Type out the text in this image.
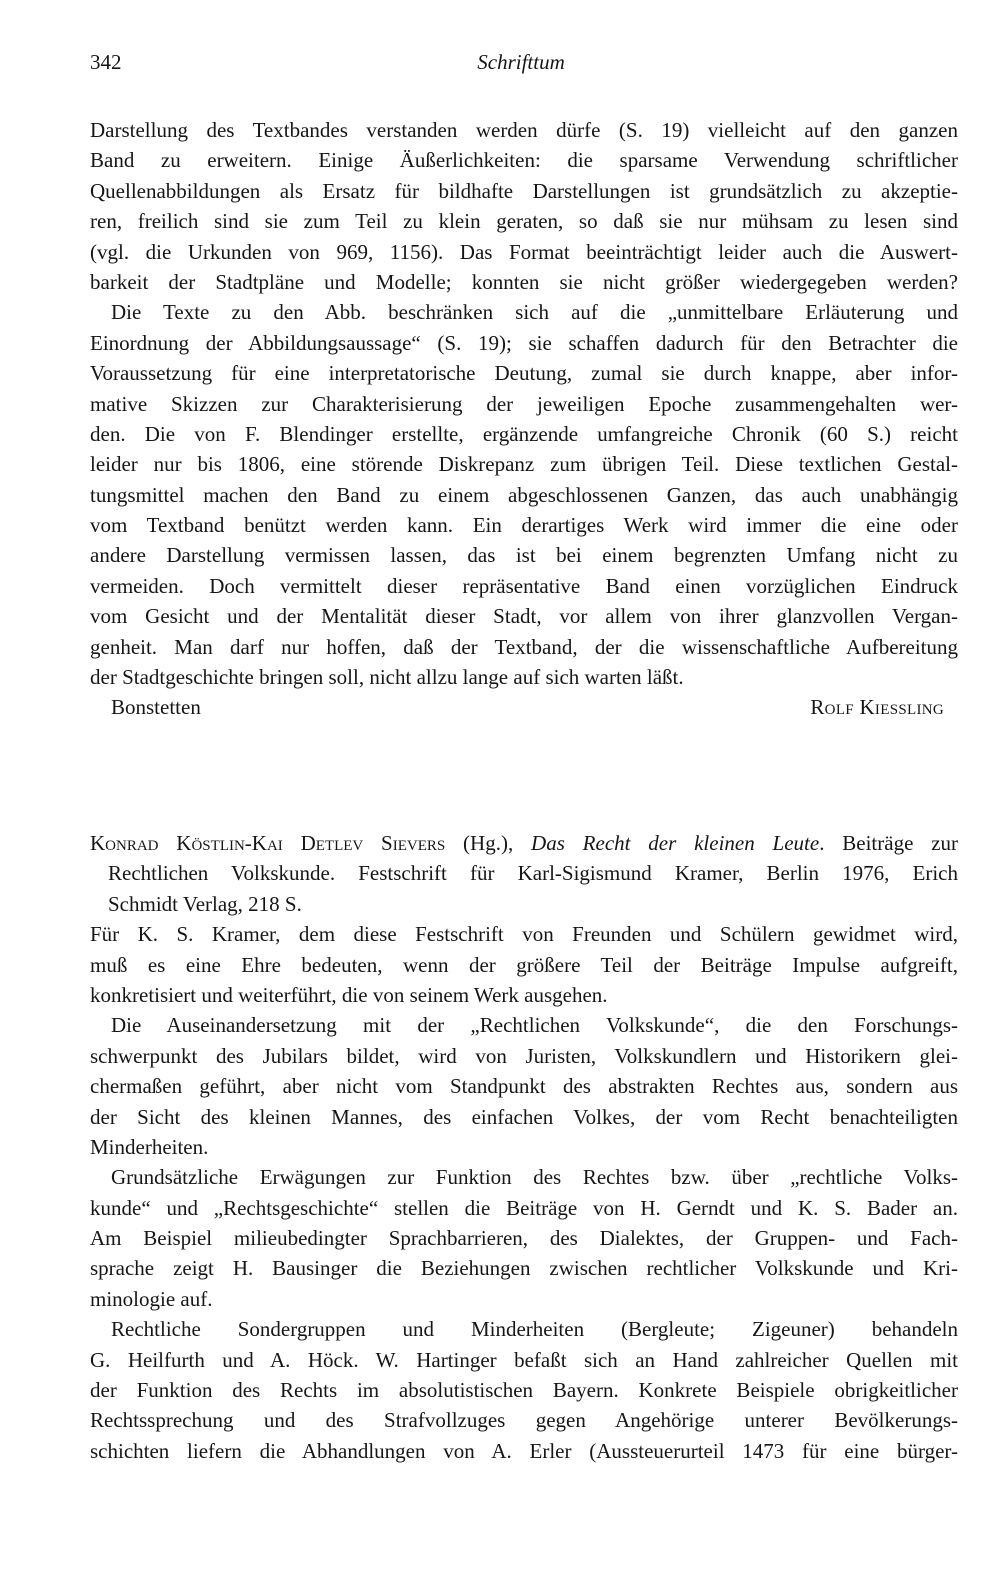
342	Schrifttum
Darstellung des Textbandes verstanden werden dürfe (S. 19) vielleicht auf den ganzen
Band zu erweitern. Einige Äußerlichkeiten: die sparsame Verwendung schriftlicher
Quellenabbildungen als Ersatz für bildhafte Darstellungen ist grundsätzlich zu akzeptie-
ren, freilich sind sie zum Teil zu klein geraten, so daß sie nur mühsam zu lesen sind
(vgl. die Urkunden von 969, 1156). Das Format beeinträchtigt leider auch die Auswert-
barkeit der Stadtpläne und Modelle; konnten sie nicht größer wiedergegeben werden?
Die Texte zu den Abb. beschränken sich auf die „unmittelbare Erläuterung und
Einordnung der Abbildungsaussage“ (S. 19); sie schaffen dadurch für den Betrachter die
Voraussetzung für eine interpretatorische Deutung, zumal sie durch knappe, aber infor-
mative Skizzen zur Charakterisierung der jeweiligen Epoche zusammengehalten wer-
den. Die von F. Blendinger erstellte, ergänzende umfangreiche Chronik (60 S.) reicht
leider nur bis 1806, eine störende Diskrepanz zum übrigen Teil. Diese textlichen Gestal-
tungsmittel machen den Band zu einem abgeschlossenen Ganzen, das auch unabhängig
vom Textband benützt werden kann. Ein derartiges Werk wird immer die eine oder
andere Darstellung vermissen lassen, das ist bei einem begrenzten Umfang nicht zu
vermeiden. Doch vermittelt dieser repräsentative Band einen vorzüglichen Eindruck
vom Gesicht und der Mentalität dieser Stadt, vor allem von ihrer glanzvollen Vergan-
genheit. Man darf nur hoffen, daß der Textband, der die wissenschaftliche Aufbereitung
der Stadtgeschichte bringen soll, nicht allzu lange auf sich warten läßt.
Bonstetten	Rolf Kiessling
Konrad Köstlin-Kai Detlev Sievers (Hg.), Das Recht der kleinen Leute. Beiträge zur
Rechtlichen Volkskunde. Festschrift für Karl-Sigismund Kramer, Berlin 1976, Erich
Schmidt Verlag, 218 S.
Für K. S. Kramer, dem diese Festschrift von Freunden und Schülern gewidmet wird,
muß es eine Ehre bedeuten, wenn der größere Teil der Beiträge Impulse aufgreift,
konkretisiert und weiterführt, die von seinem Werk ausgehen.
Die Auseinandersetzung mit der „Rechtlichen Volkskunde“, die den Forschungs-
schwerpunkt des Jubilars bildet, wird von Juristen, Volkskundlern und Historikern glei-
chermaßen geführt, aber nicht vom Standpunkt des abstrakten Rechtes aus, sondern aus
der Sicht des kleinen Mannes, des einfachen Volkes, der vom Recht benachteiligten
Minderheiten.
Grundsätzliche Erwägungen zur Funktion des Rechtes bzw. über „rechtliche Volks-
kunde“ und „Rechtsgeschichte“ stellen die Beiträge von H. Gerndt und K. S. Bader an.
Am Beispiel milieubedingter Sprachbarrieren, des Dialektes, der Gruppen- und Fach-
sprache zeigt H. Bausinger die Beziehungen zwischen rechtlicher Volkskunde und Kri-
minologie auf.
Rechtliche Sondergruppen und Minderheiten (Bergleute; Zigeuner) behandeln
G. Heilfurth und A. Höck. W. Hartinger befaßt sich an Hand zahlreicher Quellen mit
der Funktion des Rechts im absolutistischen Bayern. Konkrete Beispiele obrigkeitlicher
Rechtssprechung und des Strafvollzuges gegen Angehörige unterer Bevölkerungs-
schichten liefern die Abhandlungen von A. Erler (Aussteuerurteil 1473 für eine bürger-
